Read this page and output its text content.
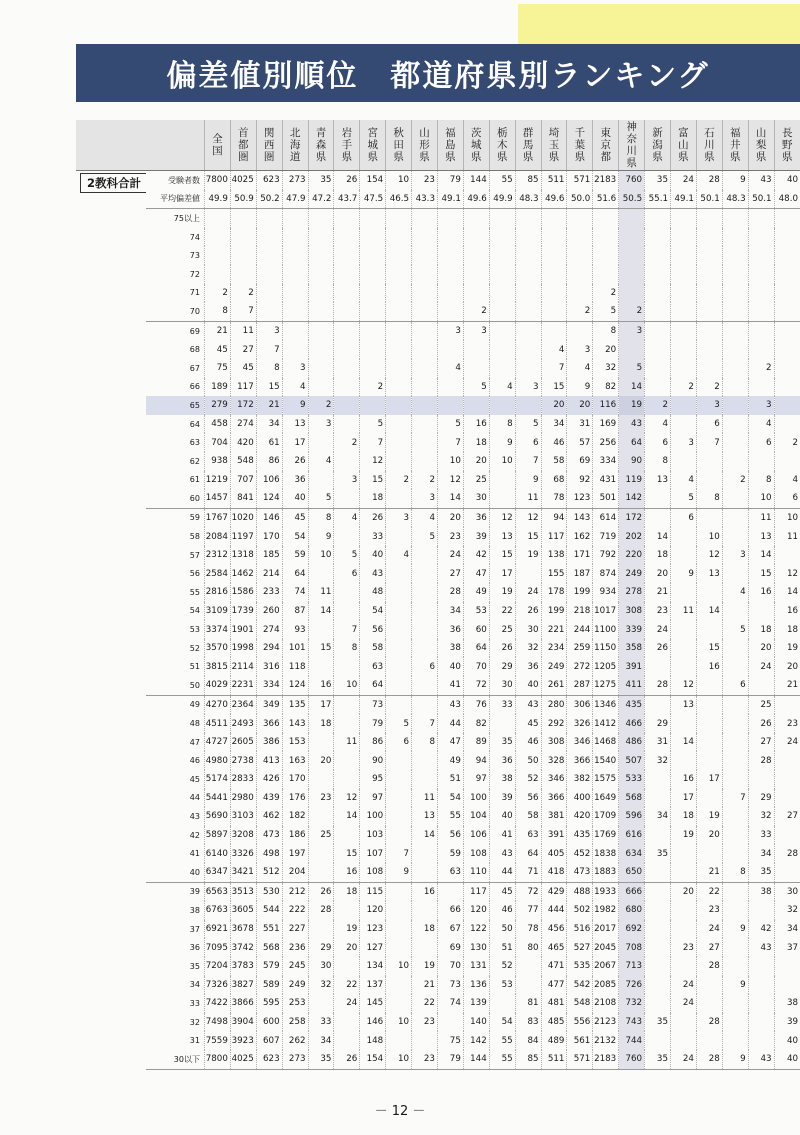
偏差値別順位　都道府県別ランキング

		全国	首都圏	関西圏	北海道	青森県	岩手県	宮城県	秋田県	山形県	福島県	茨城県	栃木県	群馬県	埼玉県	千葉県	東京都	神奈川県	新潟県	富山県	石川県	福井県	山梨県	長野県

2教科合計	受験者数	7800	4025	623	273	35	26	154	10	23	79	144	55	85	511	571	2183	760	35	24	28	9	43	40
	平均偏差値	49.9	50.9	50.2	47.9	47.2	43.7	47.5	46.5	43.3	49.1	49.6	49.9	48.3	49.6	50.0	51.6	50.5	55.1	49.1	50.1	48.3	50.1	48.0
	75以上																							
	74																							
	73																							
	72																							
	71	2	2														2							
	70	8	7									2				2	5	2						
	69	21	11	3							3	3					8	3						
	68	45	27	7											4	3	20							
	67	75	45	8	3						4				7	4	32	5					2	
	66	189	117	15	4			2				5	4	3	15	9	82	14		2	2			
	65	279	172	21	9	2									20	20	116	19	2		3		3	
	64	458	274	34	13	3		5			5	16	8	5	34	31	169	43	4		6		4	
	63	704	420	61	17		2	7			7	18	9	6	46	57	256	64	6	3	7		6	2
	62	938	548	86	26	4		12			10	20	10	7	58	69	334	90	8					
	61	1219	707	106	36		3	15	2	2	12	25		9	68	92	431	119	13	4		2	8	4
	60	1457	841	124	40	5		18		3	14	30		11	78	123	501	142		5	8		10	6
	59	1767	1020	146	45	8	4	26	3	4	20	36	12	12	94	143	614	172		6			11	10
	58	2084	1197	170	54	9		33		5	23	39	13	15	117	162	719	202	14		10		13	11
	57	2312	1318	185	59	10	5	40	4		24	42	15	19	138	171	792	220	18		12	3	14	
	56	2584	1462	214	64		6	43			27	47	17		155	187	874	249	20	9	13		15	12
	55	2816	1586	233	74	11		48			28	49	19	24	178	199	934	278	21			4	16	14
	54	3109	1739	260	87	14		54			34	53	22	26	199	218	1017	308	23	11	14			16
	53	3374	1901	274	93		7	56			36	60	25	30	221	244	1100	339	24			5	18	18
	52	3570	1998	294	101	15	8	58			38	64	26	32	234	259	1150	358	26		15		20	19
	51	3815	2114	316	118			63		6	40	70	29	36	249	272	1205	391			16		24	20
	50	4029	2231	334	124	16	10	64			41	72	30	40	261	287	1275	411	28	12		6		21
	49	4270	2364	349	135	17		73			43	76	33	43	280	306	1346	435		13			25	
	48	4511	2493	366	143	18		79	5	7	44	82		45	292	326	1412	466	29				26	23
	47	4727	2605	386	153		11	86	6	8	47	89	35	46	308	346	1468	486	31	14			27	24
	46	4980	2738	413	163	20		90			49	94	36	50	328	366	1540	507	32				28	
	45	5174	2833	426	170			95			51	97	38	52	346	382	1575	533		16	17			
	44	5441	2980	439	176	23	12	97		11	54	100	39	56	366	400	1649	568		17		7	29	
	43	5690	3103	462	182		14	100		13	55	104	40	58	381	420	1709	596	34	18	19		32	27
	42	5897	3208	473	186	25		103		14	56	106	41	63	391	435	1769	616		19	20		33	
	41	6140	3326	498	197		15	107	7		59	108	43	64	405	452	1838	634	35				34	28
	40	6347	3421	512	204		16	108	9		63	110	44	71	418	473	1883	650			21	8	35	
	39	6563	3513	530	212	26	18	115		16		117	45	72	429	488	1933	666		20	22		38	30
	38	6763	3605	544	222	28		120			66	120	46	77	444	502	1982	680			23			32
	37	6921	3678	551	227		19	123		18	67	122	50	78	456	516	2017	692			24	9	42	34
	36	7095	3742	568	236	29	20	127			69	130	51	80	465	527	2045	708		23	27		43	37
	35	7204	3783	579	245	30		134	10	19	70	131	52		471	535	2067	713			28			
	34	7326	3827	589	249	32	22	137		21	73	136	53		477	542	2085	726		24		9		
	33	7422	3866	595	253		24	145		22	74	139		81	481	548	2108	732		24				38
	32	7498	3904	600	258	33		146	10	23		140	54	83	485	556	2123	743	35		28			39
	31	7559	3923	607	262	34		148			75	142	55	84	489	561	2132	744						40
	30以下	7800	4025	623	273	35	26	154	10	23	79	144	55	85	511	571	2183	760	35	24	28	9	43	40
－ 12 －
